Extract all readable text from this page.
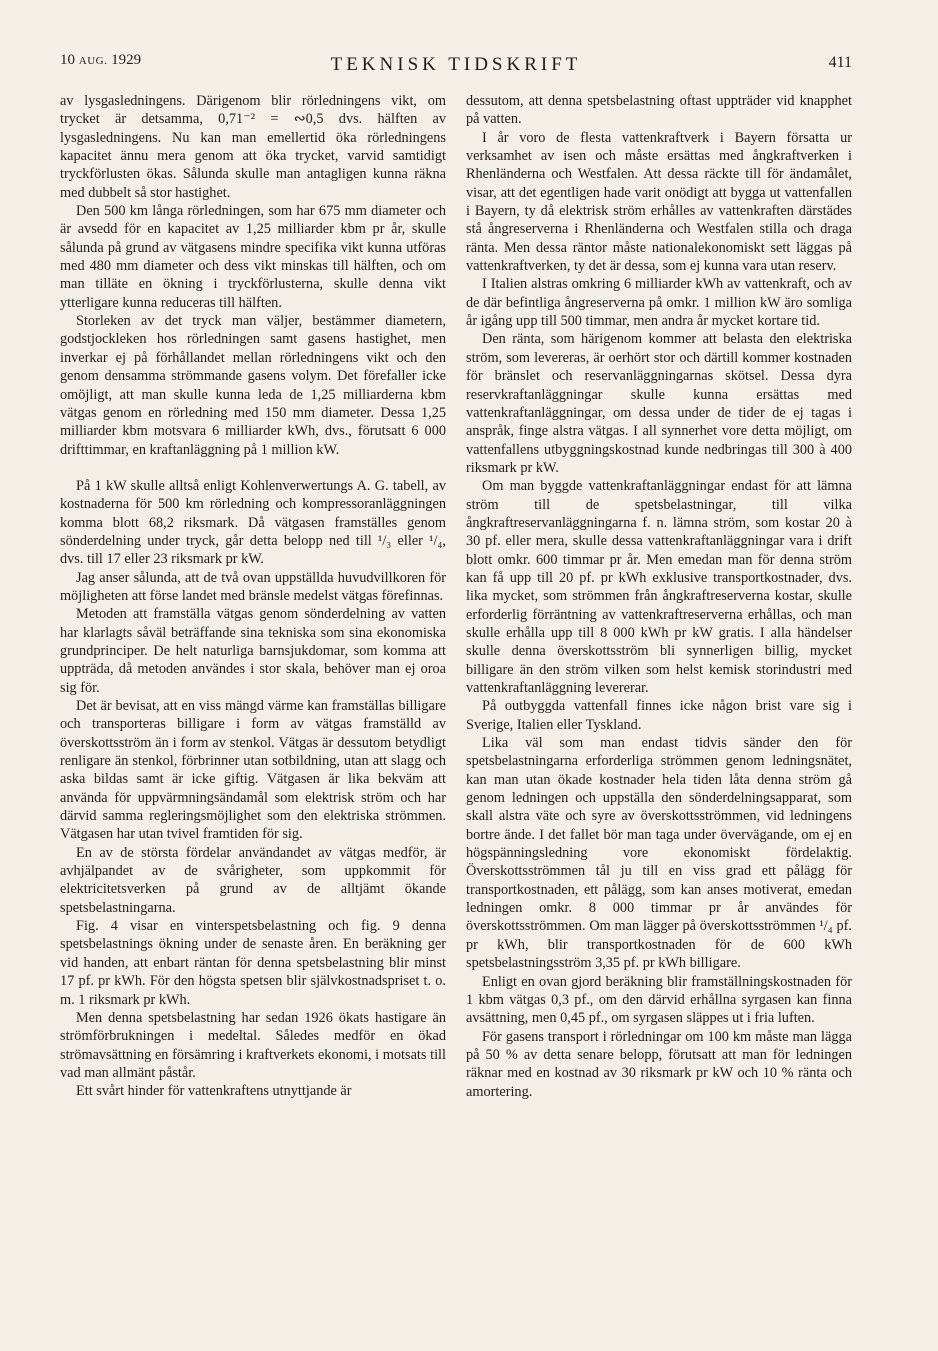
10 AUG. 1929	TEKNISK TIDSKRIFT	411

av lysgasledningens. Därigenom blir rörledningens vikt, om trycket är detsamma, 0,71⁻² = ∾0,5 dvs. hälften av lysgasledningens. Nu kan man emellertid öka rörledningens kapacitet ännu mera genom att öka trycket, varvid samtidigt tryckförlusten ökas. Sålunda skulle man antagligen kunna räkna med dubbelt så stor hastighet.

Den 500 km långa rörledningen, som har 675 mm diameter och är avsedd för en kapacitet av 1,25 milliarder kbm pr år, skulle sålunda på grund av vätgasens mindre specifika vikt kunna utföras med 480 mm diameter och dess vikt minskas till hälften, och om man tilläte en ökning i tryckförlusterna, skulle denna vikt ytterligare kunna reduceras till hälften.

Storleken av det tryck man väljer, bestämmer diametern, godstjockleken hos rörledningen samt gasens hastighet, men inverkar ej på förhållandet mellan rörledningens vikt och den genom densamma strömmande gasens volym. Det förefaller icke omöjligt, att man skulle kunna leda de 1,25 milliarderna kbm vätgas genom en rörledning med 150 mm diameter. Dessa 1,25 milliarder kbm motsvara 6 milliarder kWh, dvs., förutsatt 6 000 drifttimmar, en kraftanläggning på 1 million kW.

På 1 kW skulle alltså enligt Kohlenverwertungs A. G. tabell, av kostnaderna för 500 km rörledning och kompressoranläggningen komma blott 68,2 riksmark. Då vätgasen framställes genom sönderdelning under tryck, går detta belopp ned till ¹/₃ eller ¹/₄, dvs. till 17 eller 23 riksmark pr kW.

Jag anser sålunda, att de två ovan uppställda huvudvillkoren för möjligheten att förse landet med bränsle medelst vätgas förefinnas.

Metoden att framställa vätgas genom sönderdelning av vatten har klarlagts såväl beträffande sina tekniska som sina ekonomiska grundprinciper. De helt naturliga barnsjukdomar, som komma att uppträda, då metoden användes i stor skala, behöver man ej oroa sig för.

Det är bevisat, att en viss mängd värme kan framställas billigare och transporteras billigare i form av vätgas framställd av överskottsström än i form av stenkol. Vätgas är dessutom betydligt renligare än stenkol, förbrinner utan sotbildning, utan att slagg och aska bildas samt är icke giftig. Vätgasen är lika bekväm att använda för uppvärmningsändamål som elektrisk ström och har därvid samma regleringsmöjlighet som den elektriska strömmen. Vätgasen har utan tvivel framtiden för sig.

En av de största fördelar användandet av vätgas medför, är avhjälpandet av de svårigheter, som uppkommit för elektricitetsverken på grund av de alltjämt ökande spetsbelastningarna.

Fig. 4 visar en vinterspetsbelastning och fig. 9 denna spetsbelastnings ökning under de senaste åren. En beräkning ger vid handen, att enbart räntan för denna spetsbelastning blir minst 17 pf. pr kWh. För den högsta spetsen blir självkostnadspriset t. o. m. 1 riksmark pr kWh.

Men denna spetsbelastning har sedan 1926 ökats hastigare än strömförbrukningen i medeltal. Således medför en ökad strömavsättning en försämring i kraftverkets ekonomi, i motsats till vad man allmänt påstår.

Ett svårt hinder för vattenkraftens utnyttjande är

dessutom, att denna spetsbelastning oftast uppträder vid knapphet på vatten.

I år voro de flesta vattenkraftverk i Bayern försatta ur verksamhet av isen och måste ersättas med ångkraftverken i Rhenländerna och Westfalen. Att dessa räckte till för ändamålet, visar, att det egentligen hade varit onödigt att bygga ut vattenfallen i Bayern, ty då elektrisk ström erhålles av vattenkraften därstädes stå ångreserverna i Rhenländerna och Westfalen stilla och draga ränta. Men dessa räntor måste nationalekonomiskt sett läggas på vattenkraftverken, ty det är dessa, som ej kunna vara utan reserv.

I Italien alstras omkring 6 milliarder kWh av vattenkraft, och av de där befintliga ångreserverna på omkr. 1 million kW äro somliga år igång upp till 500 timmar, men andra år mycket kortare tid.

Den ränta, som härigenom kommer att belasta den elektriska ström, som levereras, är oerhört stor och därtill kommer kostnaden för bränslet och reservanläggningarnas skötsel. Dessa dyra reservkraftanläggningar skulle kunna ersättas med vattenkraftanläggningar, om dessa under de tider de ej tagas i anspråk, finge alstra vätgas. I all synnerhet vore detta möjligt, om vattenfallens utbyggningskostnad kunde nedbringas till 300 à 400 riksmark pr kW.

Om man byggde vattenkraftanläggningar endast för att lämna ström till de spetsbelastningar, till vilka ångkraftreservanläggningarna f. n. lämna ström, som kostar 20 à 30 pf. eller mera, skulle dessa vattenkraftanläggningar vara i drift blott omkr. 600 timmar pr år. Men emedan man för denna ström kan få upp till 20 pf. pr kWh exklusive transportkostnader, dvs. lika mycket, som strömmen från ångkraftreserverna kostar, skulle erforderlig förräntning av vattenkraftreserverna erhållas, och man skulle erhålla upp till 8 000 kWh pr kW gratis. I alla händelser skulle denna överskottsström bli synnerligen billig, mycket billigare än den ström vilken som helst kemisk storindustri med vattenkraftanläggning levererar.

På outbyggda vattenfall finnes icke någon brist vare sig i Sverige, Italien eller Tyskland.

Lika väl som man endast tidvis sänder den för spetsbelastningarna erforderliga strömmen genom ledningsnätet, kan man utan ökade kostnader hela tiden låta denna ström gå genom ledningen och uppställa den sönderdelningsapparat, som skall alstra väte och syre av överskottsströmmen, vid ledningens bortre ände. I det fallet bör man taga under övervägande, om ej en högspänningsledning vore ekonomiskt fördelaktig. Överskottsströmmen tål ju till en viss grad ett pålägg för transportkostnaden, ett pålägg, som kan anses motiverat, emedan ledningen omkr. 8 000 timmar pr år användes för överskottsströmmen. Om man lägger på överskottsströmmen ¹/₄ pf. pr kWh, blir transportkostnaden för de 600 kWh spetsbelastningsström 3,35 pf. pr kWh billigare.

Enligt en ovan gjord beräkning blir framställningskostnaden för 1 kbm vätgas 0,3 pf., om den därvid erhållna syrgasen kan finna avsättning, men 0,45 pf., om syrgasen släppes ut i fria luften.

För gasens transport i rörledningar om 100 km måste man lägga på 50 % av detta senare belopp, förutsatt att man för ledningen räknar med en kostnad av 30 riksmark pr kW och 10 % ränta och amortering.
